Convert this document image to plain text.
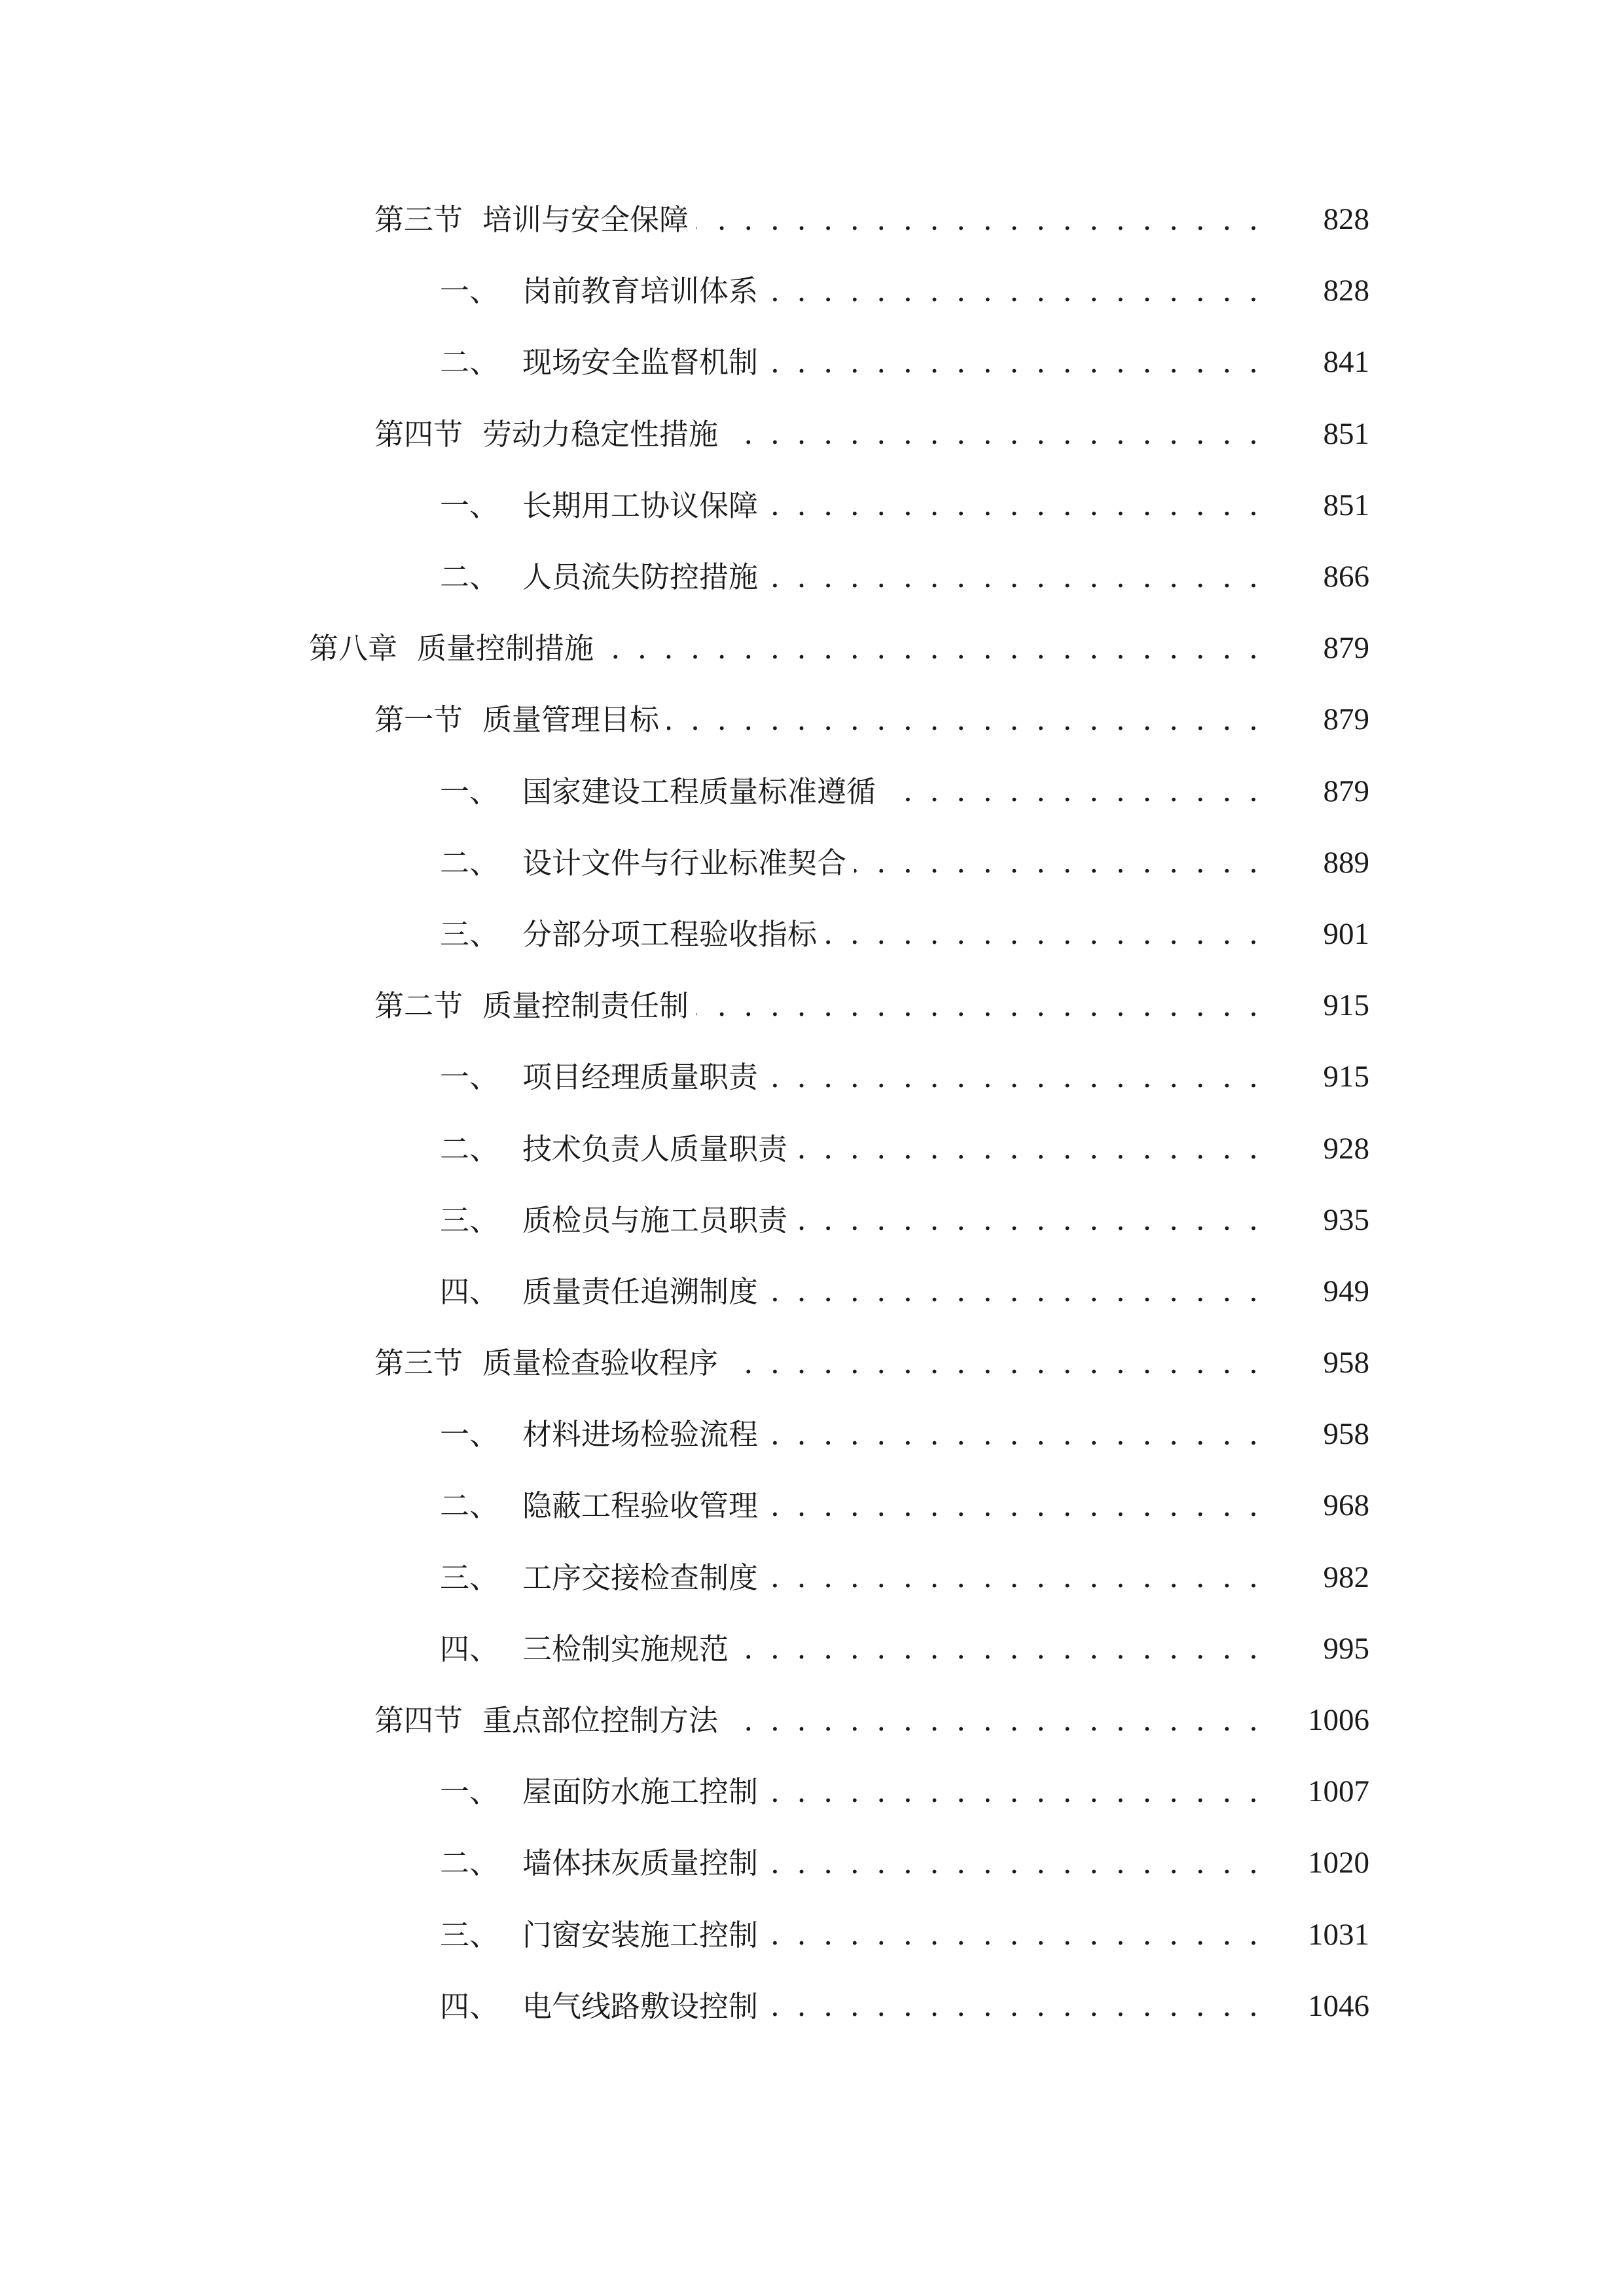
第三节 培训与安全保障 . . .	828
一、 岗前教育培训体系 . . .	828
二、 现场安全监督机制 . . .	841
第四节 劳动力稳定性措施 . . .	851
一、 长期用工协议保障 . . .	851
二、 人员流失防控措施 . . .	866
第八章 质量控制措施 . . .	879
第一节 质量管理目标 . . .	879
一、 国家建设工程质量标准遵循 . . .	879
二、 设计文件与行业标准契合 . . .	889
三、 分部分项工程验收指标 . . .	901
第二节 质量控制责任制 . . .	915
一、 项目经理质量职责 . . .	915
二、 技术负责人质量职责 . . .	928
三、 质检员与施工员职责 . . .	935
四、 质量责任追溯制度 . . .	949
第三节 质量检查验收程序 . . .	958
一、 材料进场检验流程 . . .	958
二、 隐蔽工程验收管理 . . .	968
三、 工序交接检查制度 . . .	982
四、 三检制实施规范 . . .	995
第四节 重点部位控制方法 . . .	1006
一、 屋面防水施工控制 . . .	1007
二、 墙体抹灰质量控制 . . .	1020
三、 门窗安装施工控制 . . .	1031
四、 电气线路敷设控制 . . .	1046
